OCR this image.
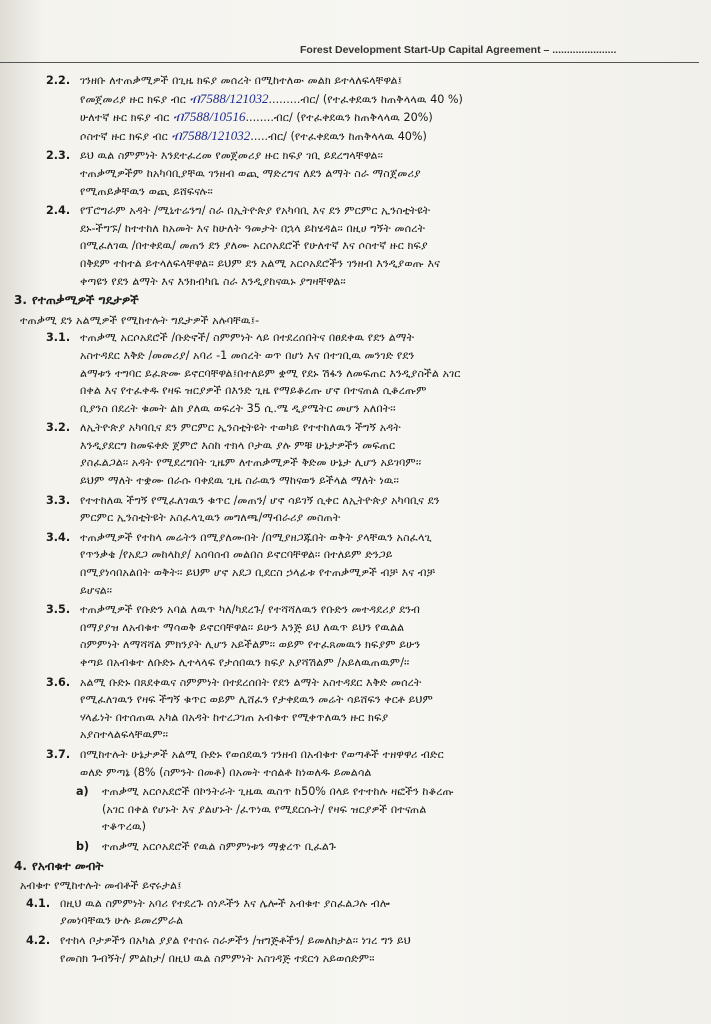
Forest Development Start-Up Capital Agreement – ......................
2.2. ገንዘቡ ለተጠቃሚዎች በጊዜ ክፍያ መሰረት በሚከተለው መልክ ይተላለፍላቸዋል፤
የመጀመሪያ ዙር ክፍያ ብር ብ7588/121032.........ብር/ (የተፈቀደዉን ከጠቅላላዉ 40 %)
ሁለተኛ ዙር ክፍያ ብር ብ7588/10516........ብር/ (የተፈቀደዉን ከጠቅላላዉ 20%)
ሶስተኛ ዙር ክፍያ ብር ብ7588/121032.....ብር/ (የተፈቀደዉን ከጠቅላላዉ 40%)
2.3. ይህ ዉል ስምምነት እንደተፈረመ የመጀመሪያ ዙር ክፍያ ገቢ ይደረግላቸዋል፡፡
ተጠቃሚዎችም ከአካባቢያቸዉ ገንዘብ ወጪ ማድረግና ለደን ልማት ስራ ማስጀመሪያ
የሚጠይቃቸዉን ወጪ ይሸፍናሉ፡፡
2.4. የፕሮግራም አዳት /ሚኒተሬንግ/ ስራ በኢትዮጵያ የአካባቢ እና ደን ምርምር ኢንስቲትዩት
ደኑ-ችግኙ/ ከተተከለ ከአመት እና ከሁለት ዓመታት በኋላ ይከሄዳል፡፡ በዚሀ ግኝት መሰረት
በሚፈለገዉ /በተቀደዉ/ መጠን ደን ያለሙ አርሶአደሮች የሁለተኛ እና ሶስተኛ ዙር ክፍያ
በቅደም ተከተል ይተላለፍላቸዋል፡፡ ይህም ደን አልሚ አርሶአደሮችን ገንዘብ እንዲያወጡ እና
ቀጣዩን የደን ልማት እና እንክብካቤ ስራ እንዲያከናዉኑ ያግዛቸዋል፡፡
3. የተጠቃሚዎች ግዴታዎች
ተጠቃሚ ደን አልሚዎች የሚከተሉት ግዴታዎች አሉባቸዉ፤-
3.1. ተጠቃሚ አርሶአደሮች /ቡድኖች/ ስምምነት ላይ በተደረሰበትና በፀደቀዉ የደን ልማት
አስተዳደር እቅድ /መመሪያ/ አባሪ -1 መሰረት ወጥ በሆነ እና በተገቢዉ መንገድ የደን
ልማቱን ተግባር ይፈጽሙ ይኖርባቸዋል፤በተለይም ቋሚ የደኑ ሽፋን ለመፍጠር እንዲያስችል አገር
በቀል እና የተፈቀዱ የዛፍ ዝርያዎች በእንድ ጊዜ የማይቆረጡ ሆኖ በተናጠል ሲቆረጡም
ቢያንስ በደረት ቁመት ልክ ያለዉ ወፍረት 35 ሲ.ሜ ዲያሜትር መሆን አለበት፡፡
3.2. ለኢትዮጵያ አካባቢና ደን ምርምር ኢንስቲትዩት ተወካይ የተተከለዉን ችግኝ አዳት
እንዲያደርግ ከመፍቀድ ጀምሮ እስከ ተክላ ቦታዉ ያሉ ምቹ ሁኔታዎችን መፍጠር
ያስፈልጋል፡፡ አዳት የሚደረግበት ጊዜም ለተጠቃሚዎች ቅድመ ሁኔታ ሊሆን አይገባም፡፡
ይህም ማለት ተቋሙ በራሱ ባቀደዉ ጊዜ ስራዉን ማከናወን ይችላል ማለት ነዉ፡፡
3.3. የተተከለዉ ችግኝ የሚፈለገዉን ቁጥር /መጠን/ ሆኖ ሳይገኝ ሲቀር ለኢትዮጵያ አካባቢና ደን
ምርምር ኢንስቲትዩት አስፈላጊዉን መግለጫ/ማብራሪያ መስጠት
3.4. ተጠቃሚዎች የተከላ መሬትን በሚያለሙበት /በሚያዘጋጁበት ወቅት ያላቸዉን አስፈላጊ
የጥንቃቄ /የአደጋ መከላከያ/ አሰባሰብ መልበስ ይኖርባቸዋል፡፡ በተለይም ድንጋይ
በሚያነሳበአልበት ወቅት፡፡ ይህም ሆኖ አደጋ ቢደርስ ኃላፊቱ የተጠቃሚዎች ብቻ እና ብቻ
ይሆናል፡፡
3.5. ተጠቃሚዎች የቡድን አባል ለዉጥ ካለ/ካደረጉ/ የተሻሻለዉን የቡድን መተዳደሪያ ደንብ
በማያያዝ ለአብቁተ ማሳወቅ ይኖርባቸዋል፡፡ ይሁን እንጅ ይህ ለዉጥ ይህን የዉልል
ስምምነት ለማሻሻል ምክንያት ሊሆን አይችልም፡፡ ወይም የተፈጸመዉን ክፍያም ይሁን
ቀጣይ በአብቁተ ለቡድኑ ሊተላላፍ የታሰበዉን ክፍያ አያሻሽልም /አይለዉጠዉም/፡፡
3.6. አልሚ ቡድኑ በጸደቀዉና ስምምነት በተደረሰበት የደን ልማት አስተዳደር እቅድ መሰረት
የሚፈለገዉን የዛፍ ችግኝ ቁጥር ወይም ሊሸፈን የታቀደዉን መሬት ሳይሸፍን ቀርቶ ይህም
ሃላፊነት በተሰጠዉ አካል በአዳት ከተረጋገጠ አብቁተ የሚቀጥለዉን ዙር ክፍያ
አያስተላልፍላቸዉም፡፡
3.7. በሚከተሉት ሁኔታዎች አልሚ ቡድኑ የወሰደዉን ገንዘብ በአብቁተ የወጣቶች ተዘዋዋሪ ብድር
ወለድ ምጣኔ (8% (ስምንት በመቶ) በአመት ተሰልቶ ከነወለዱ ይመልሳል
a)	ተጠቃሚ አርሶአደሮች በኮንትራት ጊዜዉ ዉስጥ ከ50% በላይ የተተከሉ ዛፎችን ከቆረጡ
(አገር በቀል የሆኑት እና ያልሆኑት /ፈጥነዉ የሚደርሱት/ የዛፍ ዝርያዎች በተናጠል
ተቆጥረዉ)
b)	ተጠቃሚ አርሶአደሮች የዉል ስምምነቱን ማቋረጥ ቢፈልጉ
4. የአብቁተ መብት
አብቁተ የሚከተሉት መብቶች ይኖሩታል፤
4.1. በዚህ ዉል ስምምነት አባሪ የተደረጉ ሰነዶችን እና ሌሎች አብቁተ ያስፈልጋሉ ብሎ
ያመነባቸዉን ሁሉ ይመረምራል
4.2. የተከላ ቦታዎችን በአካል ያያል የተሰሩ ስራዎችን /ዝግጅቶችን/ ይመለከታል፡፡ ነገረ ግን ይህ
የመስክ ጉብኝት/ ምልከታ/ በዚህ ዉል ስምምነት አስገዳጅ ተደርጎ አይወሰድም፡፡
